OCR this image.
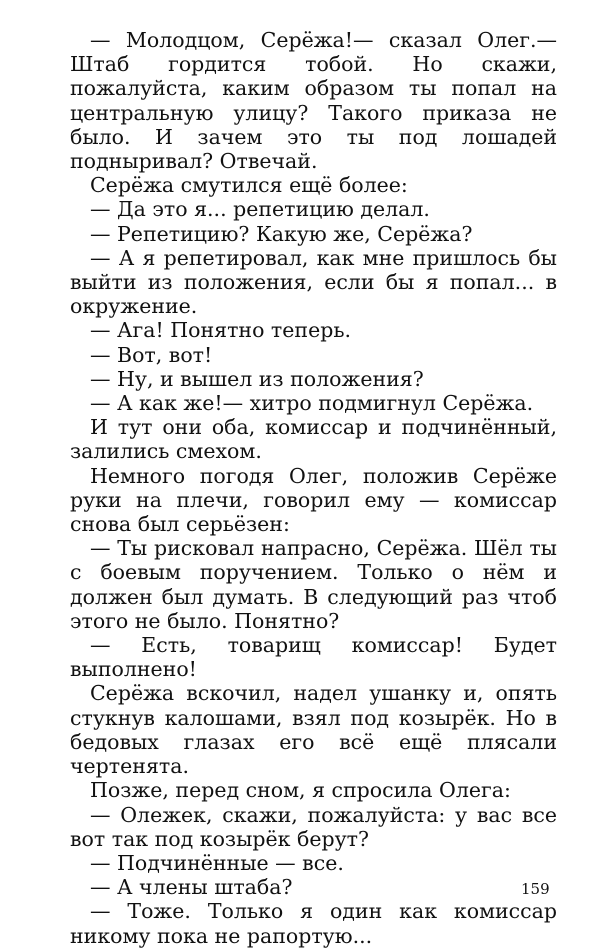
— Молодцом, Серёжа!— сказал Олег.— Штаб гордится тобой. Но скажи, пожалуйста, каким образом ты попал на центральную улицу? Такого приказа не было. И зачем это ты под лошадей подныривал? Отвечай.

Серёжа смутился ещё более:

— Да это я... репетицию делал.

— Репетицию? Какую же, Серёжа?

— А я репетировал, как мне пришлось бы выйти из положения, если бы я попал... в окружение.

— Ага! Понятно теперь.

— Вот, вот!

— Ну, и вышел из положения?

— А как же!— хитро подмигнул Серёжа.

И тут они оба, комиссар и подчинённый, залились смехом.

Немного погодя Олег, положив Серёже руки на плечи, говорил ему — комиссар снова был серьёзен:

— Ты рисковал напрасно, Серёжа. Шёл ты с боевым поручением. Только о нём и должен был думать. В следующий раз чтоб этого не было. Понятно?

— Есть, товарищ комиссар! Будет выполнено!

Серёжа вскочил, надел ушанку и, опять стукнув калошами, взял под козырёк. Но в бедовых глазах его всё ещё плясали чертенята.

Позже, перед сном, я спросила Олега:

— Олежек, скажи, пожалуйста: у вас все вот так под козырёк берут?

— Подчинённые — все.

— А члены штаба?

— Тоже. Только я один как комиссар никому пока не рапортую...

159
